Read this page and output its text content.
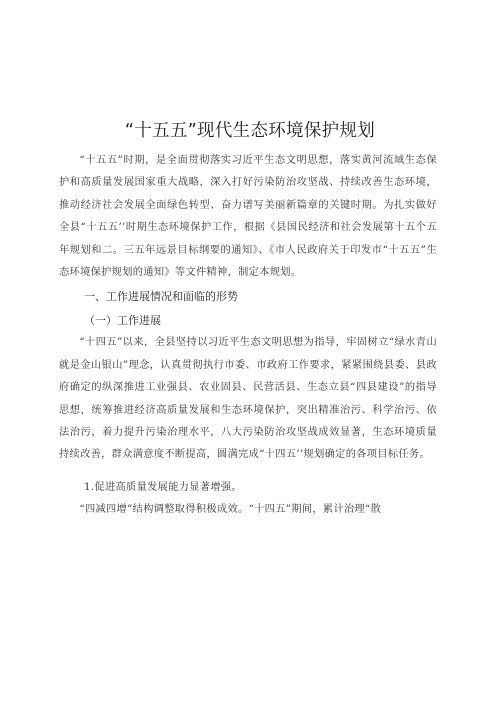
“十五五”现代生态环境保护规划

“十五五”时期，是全面贯彻落实习近平生态文明思想，落实黄河流域生态保护和高质量发展国家重大战略，深入打好污染防治攻坚战、持续改善生态环境，推动经济社会发展全面绿色转型、奋力谱写美丽新篇章的关键时期。为扎实做好全县“十五五’’时期生态环境保护工作，根据《县国民经济和社会发展第十五个五年规划和二。三五年远景目标纲要的通知》、《市人民政府关于印发市“十五五”生态环境保护规划的通知》等文件精神，制定本规划。

一、工作进展情况和面临的形势
（一）工作进展

“十四五”以来，全县坚持以习近平生态文明思想为指导，牢固树立“绿水青山就是金山银山”理念，认真贯彻执行市委、市政府工作要求，紧紧围绕县委、县政府确定的纵深推进工业强县、农业固县、民营活县、生态立县“四县建设”的指导思想，统筹推进经济高质量发展和生态环境保护，突出精准治污、科学治污、依法治污，着力提升污染治理水平，八大污染防治攻坚战成效显著，生态环境质量持续改善，群众满意度不断提高，圆满完成“十四五’’规划确定的各项目标任务。

1.促进高质量发展能力显著增强。

“四减四增”结构调整取得积极成效。“十四五”期间，累计治理“散
